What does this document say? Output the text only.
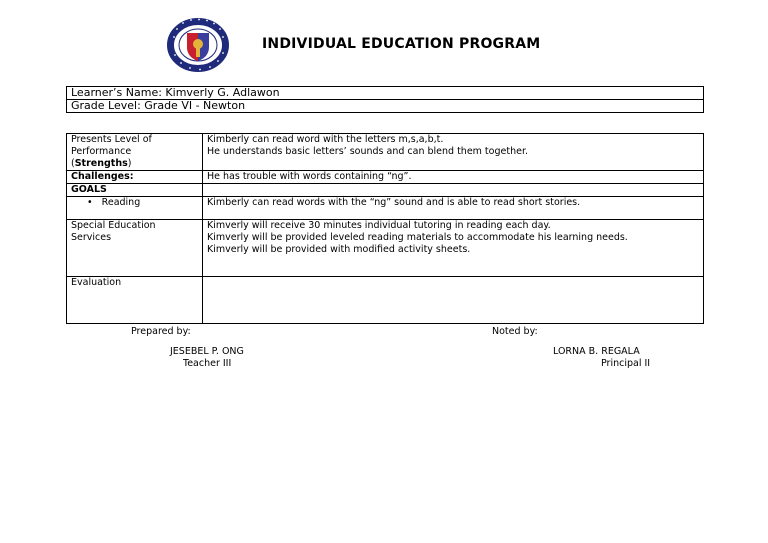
INDIVIDUAL EDUCATION PROGRAM
Learner’s Name: Kimverly G. Adlawon
Grade Level: Grade VI - Newton
Presents Level of
Performance
(Strengths)	Kimberly can read word with the letters m,s,a,b,t.
He understands basic letters’ sounds and can blend them together.

Challenges:	He has trouble with words containing “ng”.
GOALS	
• Reading	Kimberly can read words with the “ng” sound and is able to read short stories.

Special Education
Services	Kimverly will receive 30 minutes individual tutoring in reading each day.
Kimverly will be provided leveled reading materials to accommodate his learning needs.
Kimverly will be provided with modified activity sheets.

Evaluation	
Prepared by:
JESEBEL P. ONG
Teacher III
Noted by:
LORNA B. REGALA
Principal II
